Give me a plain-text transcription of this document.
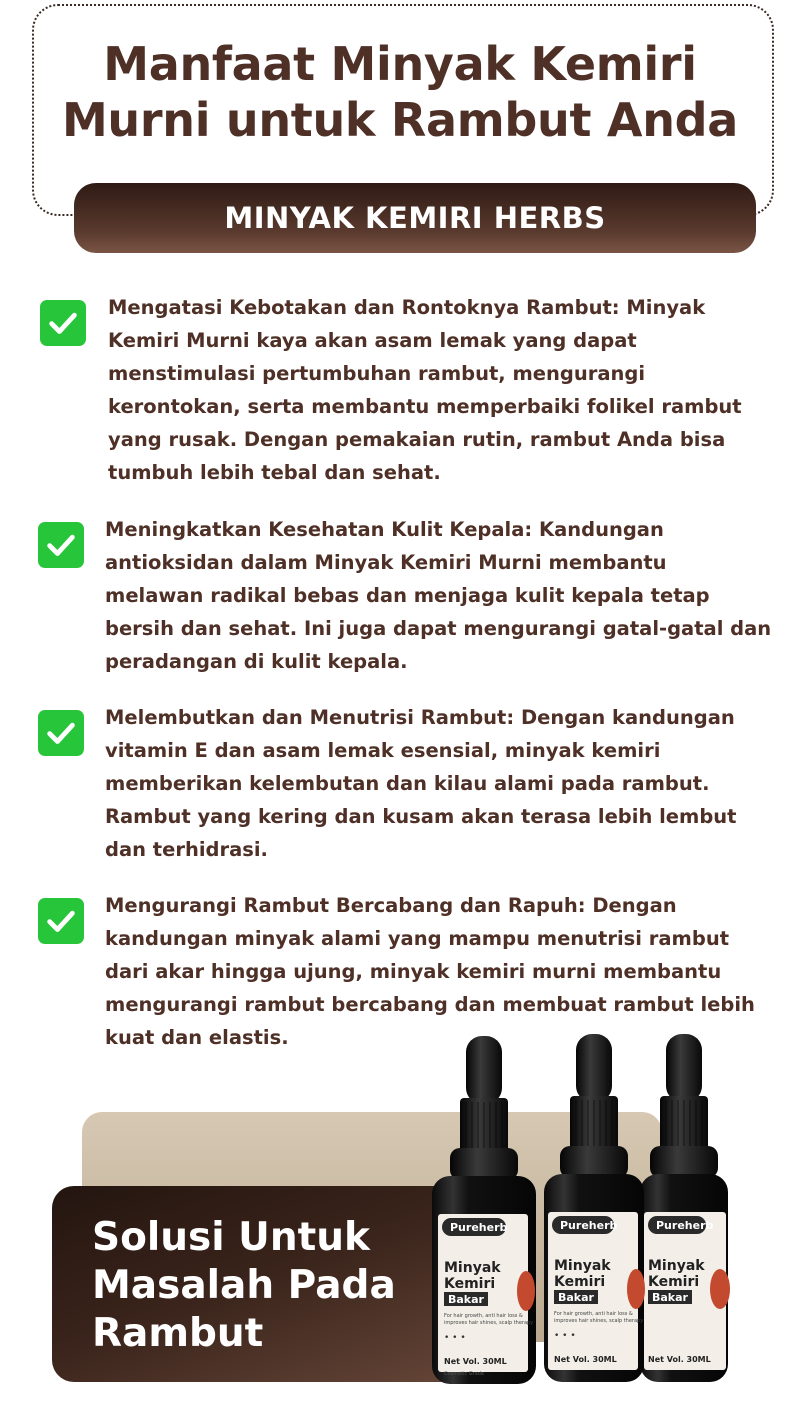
Manfaat Minyak Kemiri
Murni untuk Rambut Anda
MINYAK KEMIRI HERBS

Mengatasi Kebotakan dan Rontoknya Rambut: Minyak
Kemiri Murni kaya akan asam lemak yang dapat
menstimulasi pertumbuhan rambut, mengurangi
kerontokan, serta membantu memperbaiki folikel rambut
yang rusak. Dengan pemakaian rutin, rambut Anda bisa
tumbuh lebih tebal dan sehat.

Meningkatkan Kesehatan Kulit Kepala: Kandungan
antioksidan dalam Minyak Kemiri Murni membantu
melawan radikal bebas dan menjaga kulit kepala tetap
bersih dan sehat. Ini juga dapat mengurangi gatal-gatal dan
peradangan di kulit kepala.

Melembutkan dan Menutrisi Rambut: Dengan kandungan
vitamin E dan asam lemak esensial, minyak kemiri
memberikan kelembutan dan kilau alami pada rambut.
Rambut yang kering dan kusam akan terasa lebih lembut
dan terhidrasi.

Mengurangi Rambut Bercabang dan Rapuh: Dengan
kandungan minyak alami yang mampu menutrisi rambut
dari akar hingga ujung, minyak kemiri murni membantu
mengurangi rambut bercabang dan membuat rambut lebih
kuat dan elastis.

Solusi Untuk
Masalah Pada
Rambut

Pureherb
Minyak
Kemiri
Bakar
Net Vol. 30ML
Pureherb
Minyak
Kemiri
Bakar
For hair growth, anti hair loss &
improves hair shines, scalp therapy
• • •
Net Vol. 30ML
Pureherb
Minyak
Kemiri
Bakar
For hair growth, anti hair loss &
improves hair shines, scalp therapy
• • •
Net Vol. 30ML
Cosmetic Grade
